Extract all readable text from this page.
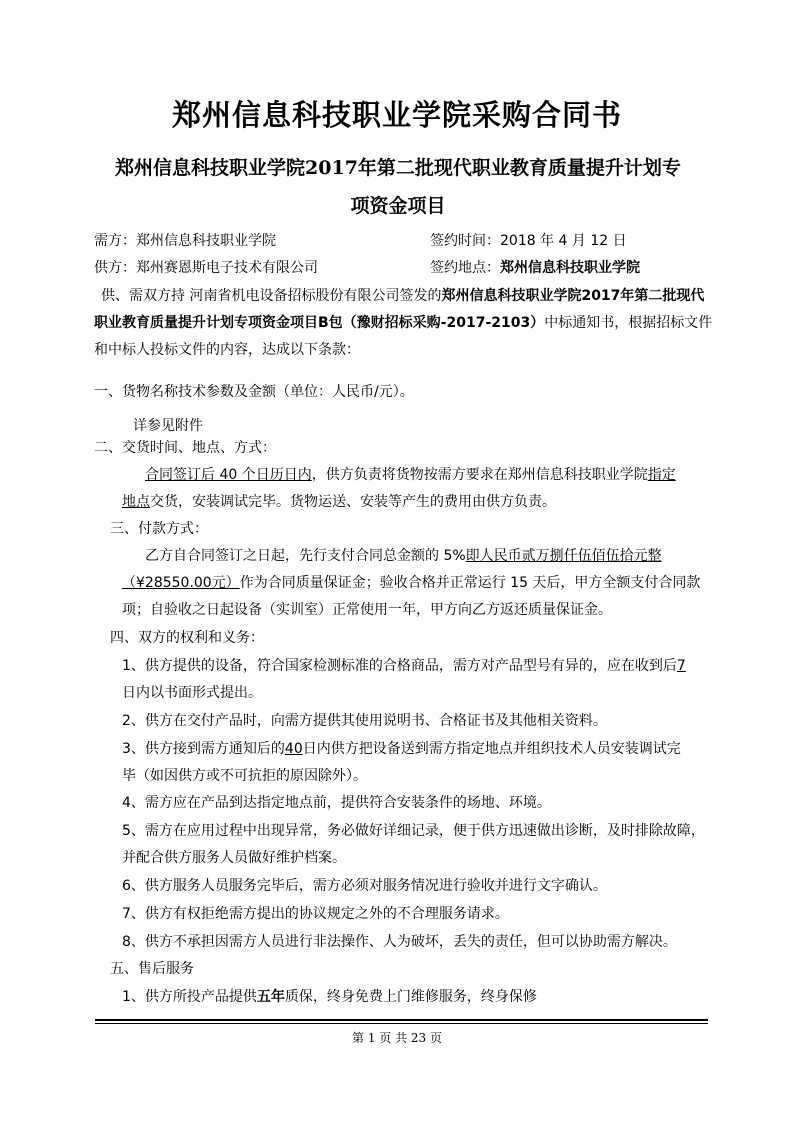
郑州信息科技职业学院采购合同书
郑州信息科技职业学院2017年第二批现代职业教育质量提升计划专
项资金项目
需方：郑州信息科技职业学院	签约时间：2018 年 4 月 12 日
供方：郑州赛恩斯电子技术有限公司	签约地点：郑州信息科技职业学院
供、需双方持 河南省机电设备招标股份有限公司签发的郑州信息科技职业学院2017年第二批现代
职业教育质量提升计划专项资金项目B包（豫财招标采购-2017-2103）中标通知书，根据招标文件
和中标人投标文件的内容，达成以下条款：
一、货物名称技术参数及金额（单位：人民币/元）。
详参见附件
二、交货时间、地点、方式：
合同签订后 40 个日历日内，供方负责将货物按需方要求在郑州信息科技职业学院指定
地点交货，安装调试完毕。货物运送、安装等产生的费用由供方负责。
三、付款方式：
乙方自合同签订之日起，先行支付合同总金额的 5%即人民币贰万捌仟伍佰伍拾元整
（¥28550.00元）作为合同质量保证金；验收合格并正常运行 15 天后，甲方全额支付合同款
项；自验收之日起设备（实训室）正常使用一年，甲方向乙方返还质量保证金。
四、双方的权利和义务：
1、供方提供的设备，符合国家检测标准的合格商品，需方对产品型号有异的，应在收到后7
日内以书面形式提出。
2、供方在交付产品时，向需方提供其使用说明书、合格证书及其他相关资料。
3、供方接到需方通知后的40日内供方把设备送到需方指定地点并组织技术人员安装调试完
毕（如因供方或不可抗拒的原因除外）。
4、需方应在产品到达指定地点前，提供符合安装条件的场地、环境。
5、需方在应用过程中出现异常，务必做好详细记录，便于供方迅速做出诊断，及时排除故障，
并配合供方服务人员做好维护档案。
6、供方服务人员服务完毕后，需方必须对服务情况进行验收并进行文字确认。
7、供方有权拒绝需方提出的协议规定之外的不合理服务请求。
8、供方不承担因需方人员进行非法操作、人为破坏，丢失的责任，但可以协助需方解决。
五、售后服务
1、供方所投产品提供五年质保，终身免费上门维修服务，终身保修
第 1 页 共 23 页
